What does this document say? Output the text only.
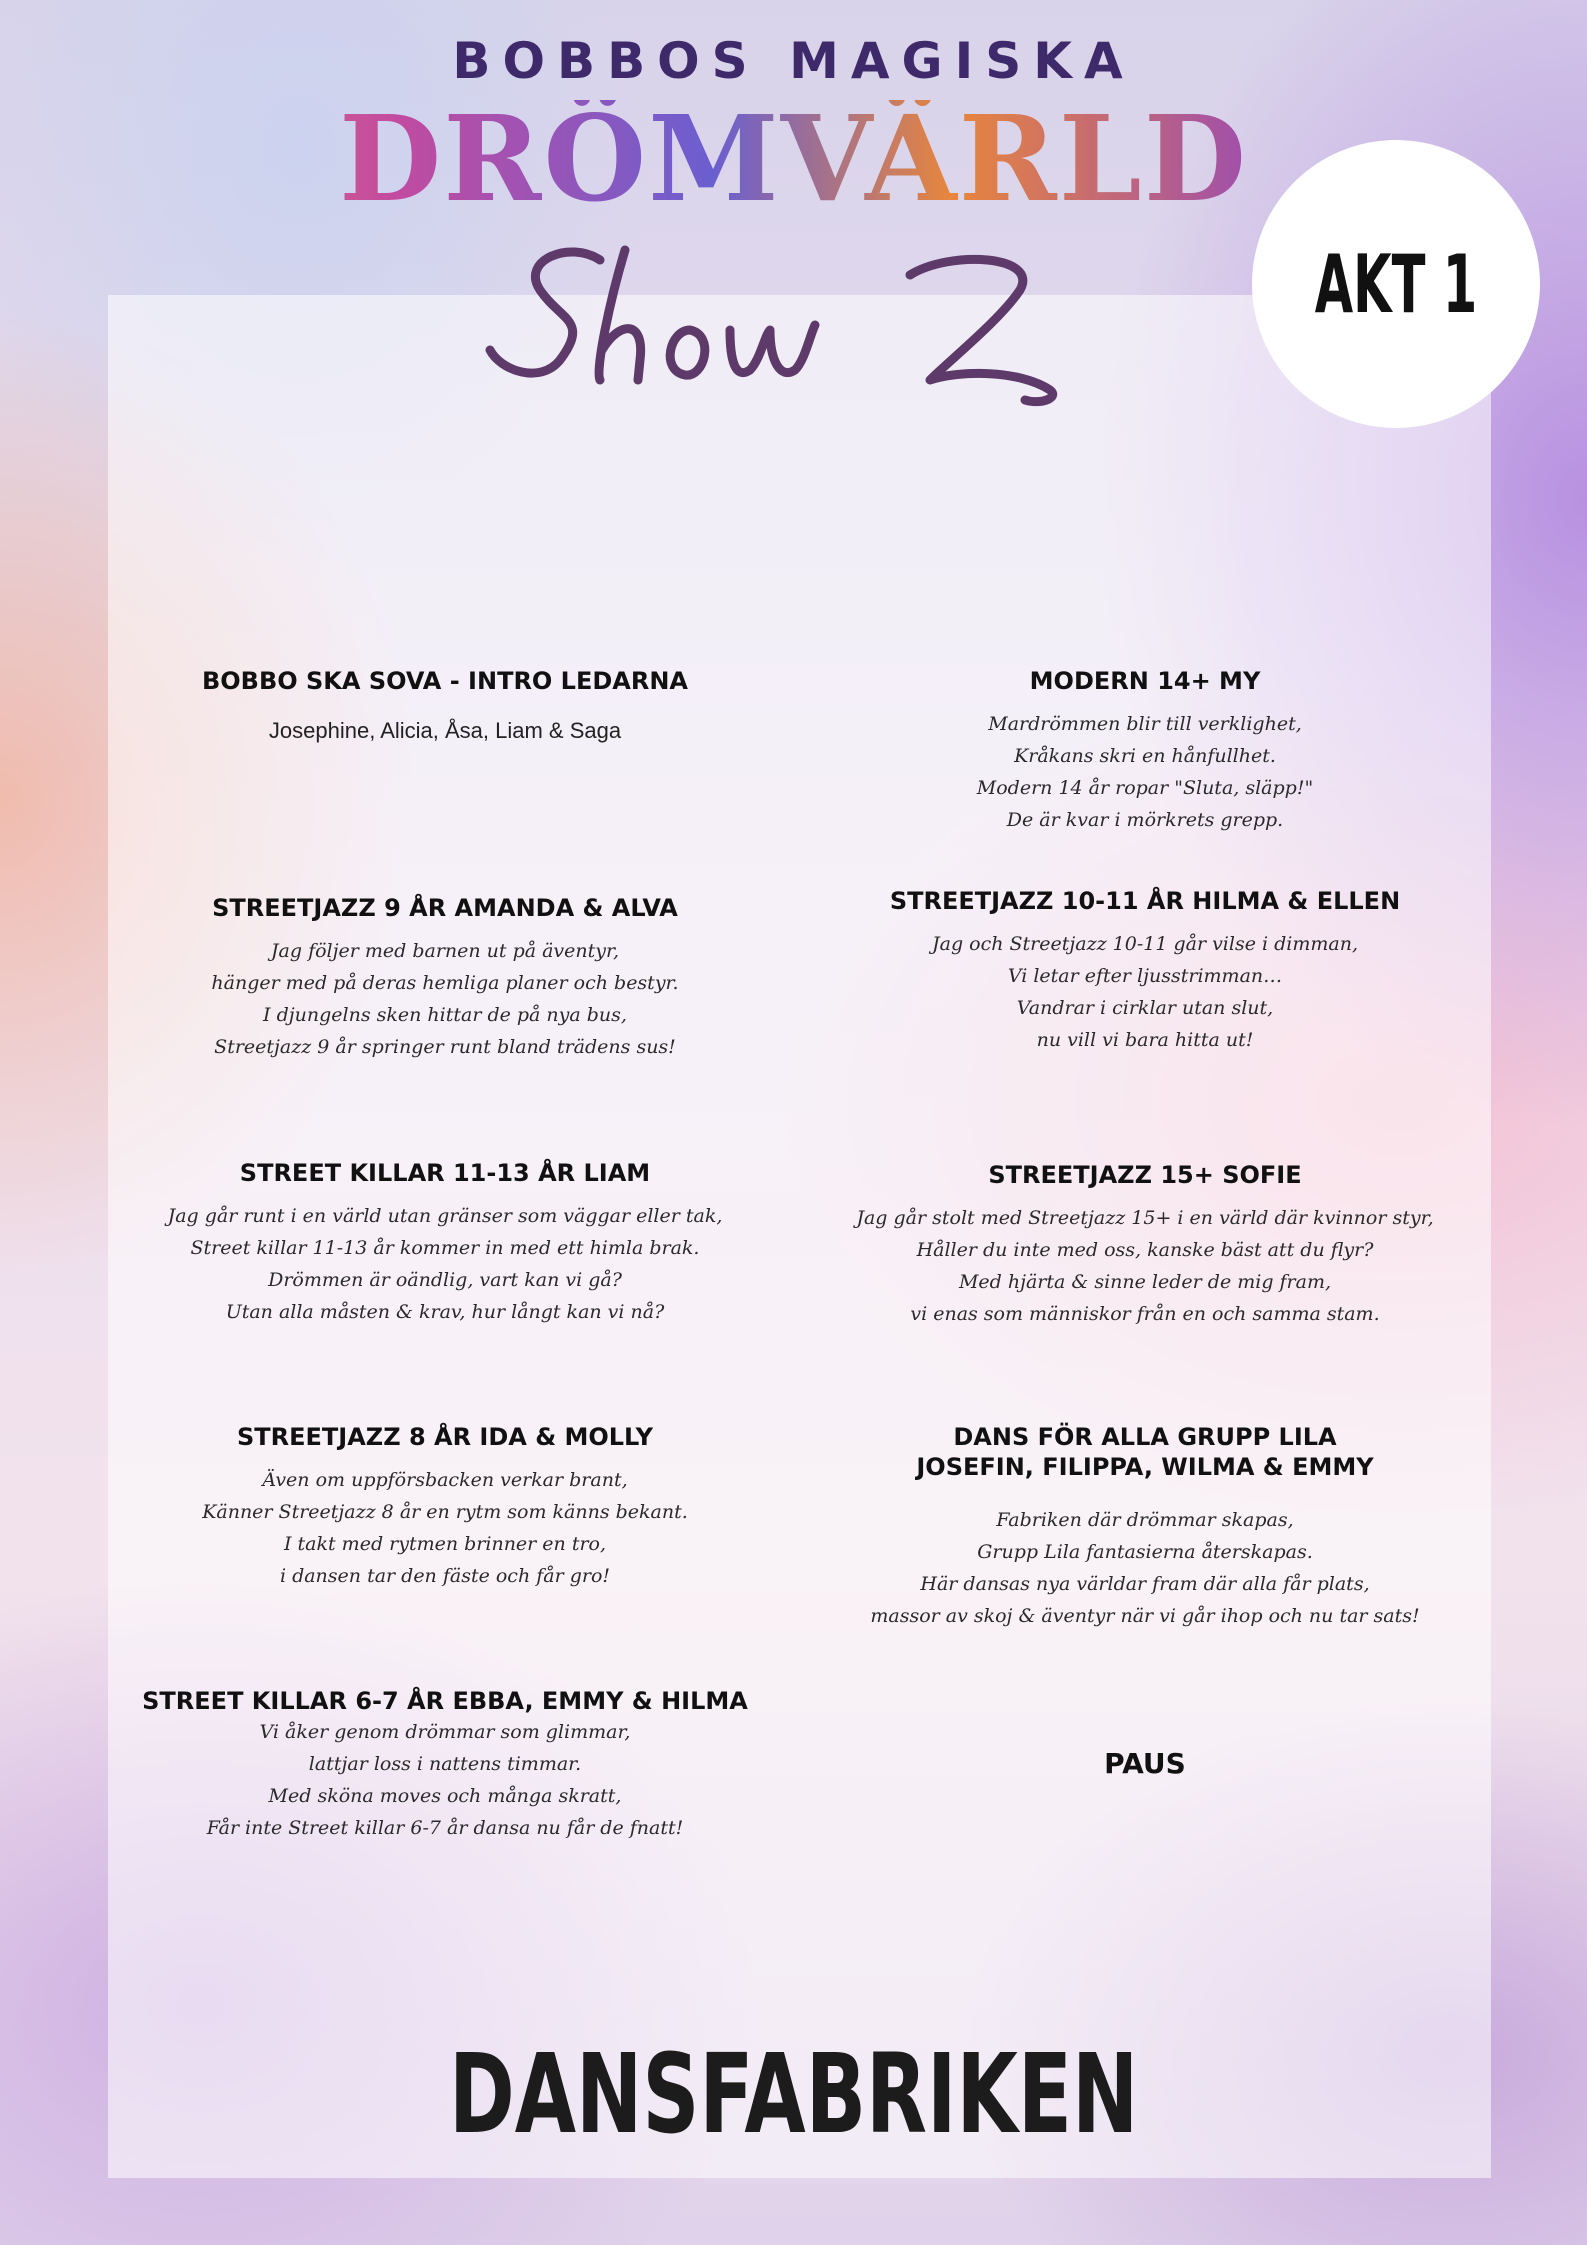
BOBBOS MAGISKA
DRÖMVÄRLD
AKT 1
BOBBO SKA SOVA - INTRO LEDARNA
Josephine, Alicia, Åsa, Liam & Saga
STREETJAZZ 9 ÅR AMANDA & ALVA
Jag följer med barnen ut på äventyr,
hänger med på deras hemliga planer och bestyr.
I djungelns sken hittar de på nya bus,
Streetjazz 9 år springer runt bland trädens sus!
STREET KILLAR 11-13 ÅR LIAM
Jag går runt i en värld utan gränser som väggar eller tak,
Street killar 11-13 år kommer in med ett himla brak.
Drömmen är oändlig, vart kan vi gå?
Utan alla måsten & krav, hur långt kan vi nå?
STREETJAZZ 8 ÅR IDA & MOLLY
Även om uppförsbacken verkar brant,
Känner Streetjazz 8 år en rytm som känns bekant.
I takt med rytmen brinner en tro,
i dansen tar den fäste och får gro!
STREET KILLAR 6-7 ÅR EBBA, EMMY & HILMA
Vi åker genom drömmar som glimmar,
lattjar loss i nattens timmar.
Med sköna moves och många skratt,
Får inte Street killar 6-7 år dansa nu får de fnatt!
MODERN 14+ MY
Mardrömmen blir till verklighet,
Kråkans skri en hånfullhet.
Modern 14 år ropar "Sluta, släpp!"
De är kvar i mörkrets grepp.
STREETJAZZ 10-11 ÅR HILMA & ELLEN
Jag och Streetjazz 10-11 går vilse i dimman,
Vi letar efter ljusstrimman…
Vandrar i cirklar utan slut,
nu vill vi bara hitta ut!
STREETJAZZ 15+ SOFIE
Jag går stolt med Streetjazz 15+ i en värld där kvinnor styr,
Håller du inte med oss, kanske bäst att du flyr?
Med hjärta & sinne leder de mig fram,
vi enas som människor från en och samma stam.
DANS FÖR ALLA GRUPP LILA
JOSEFIN, FILIPPA, WILMA & EMMY
Fabriken där drömmar skapas,
Grupp Lila fantasierna återskapas.
Här dansas nya världar fram där alla får plats,
massor av skoj & äventyr när vi går ihop och nu tar sats!
PAUS
DANSFABRIKEN
